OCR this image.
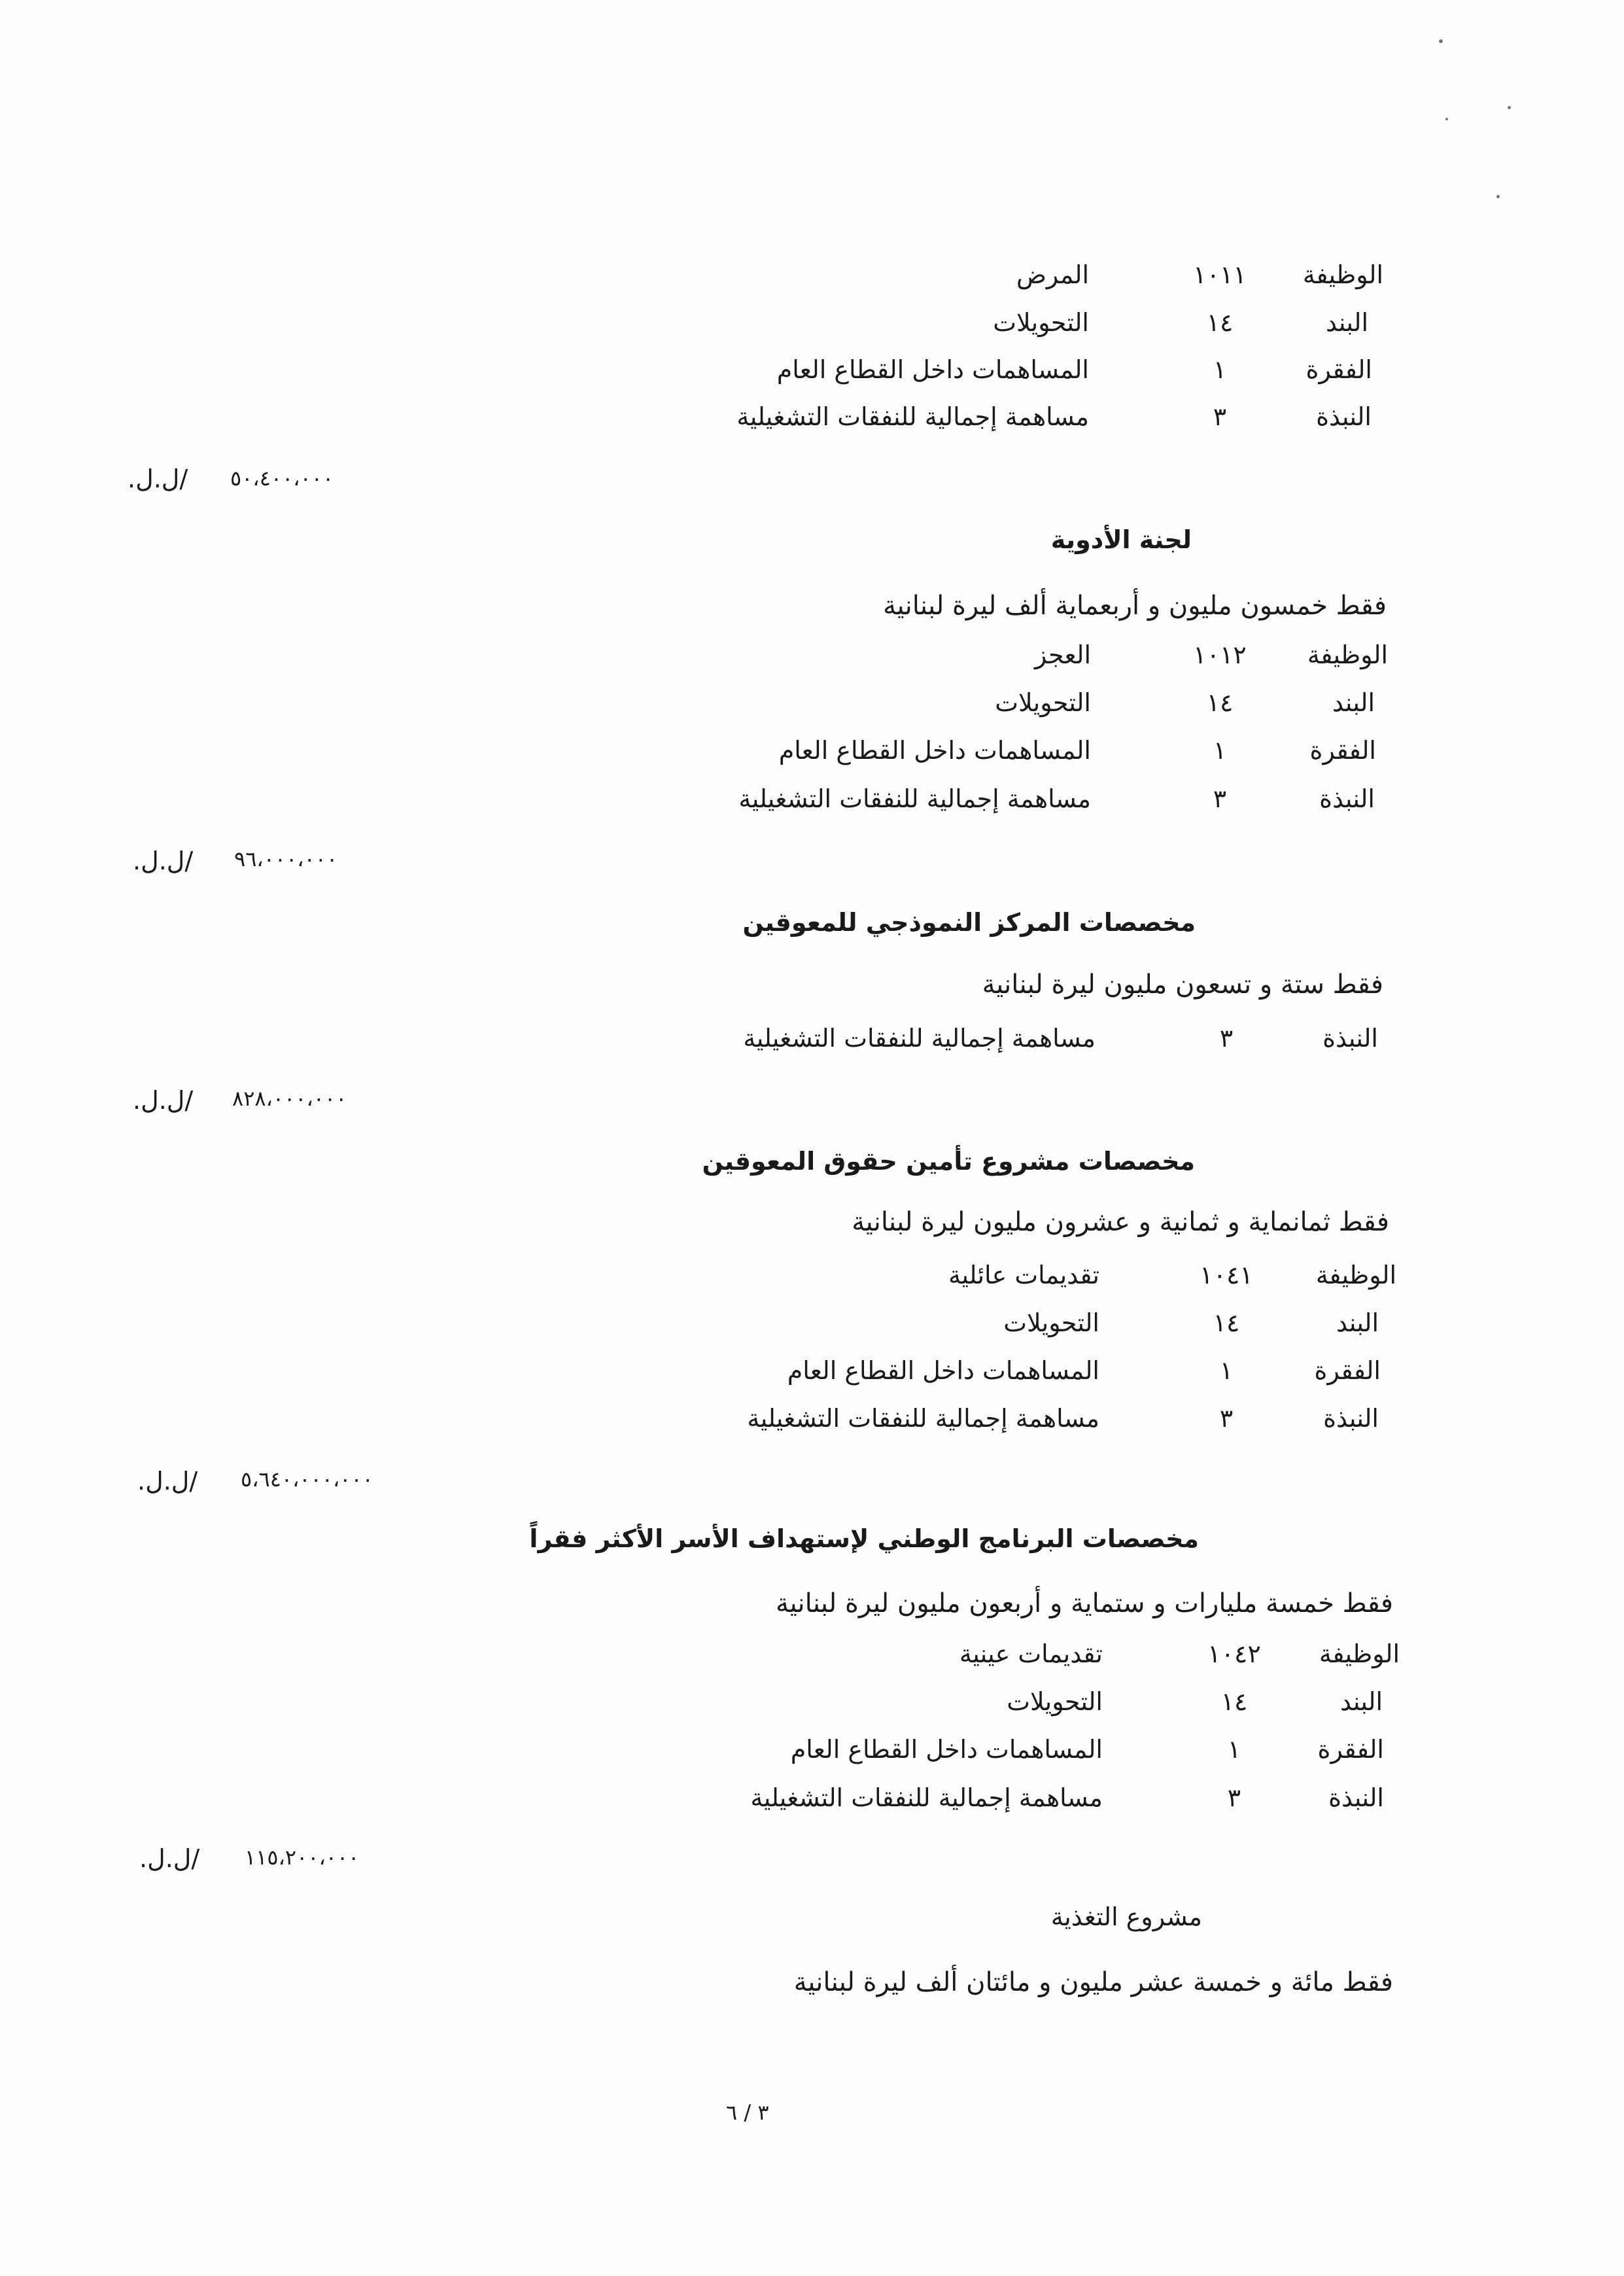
الوظيفة
١٠١١
المرض
البند
١٤
التحويلات
الفقرة
١
المساهمات داخل القطاع العام
النبذة
٣
مساهمة إجمالية للنفقات التشغيلية
٥٠،٤٠٠،٠٠٠
/ل.ل.
لجنة الأدوية
فقط خمسون مليون و أربعماية ألف ليرة لبنانية
الوظيفة
١٠١٢
العجز
البند
١٤
التحويلات
الفقرة
١
المساهمات داخل القطاع العام
النبذة
٣
مساهمة إجمالية للنفقات التشغيلية
٩٦،٠٠٠،٠٠٠
/ل.ل.
مخصصات المركز النموذجي للمعوقين
فقط ستة و تسعون مليون ليرة لبنانية
النبذة
٣
مساهمة إجمالية للنفقات التشغيلية
٨٢٨،٠٠٠،٠٠٠
/ل.ل.
مخصصات مشروع تأمين حقوق المعوقين
فقط ثمانماية و ثمانية و عشرون مليون ليرة لبنانية
الوظيفة
١٠٤١
تقديمات عائلية
البند
١٤
التحويلات
الفقرة
١
المساهمات داخل القطاع العام
النبذة
٣
مساهمة إجمالية للنفقات التشغيلية
٥،٦٤٠،٠٠٠،٠٠٠
/ل.ل.
مخصصات البرنامج الوطني لإستهداف الأسر الأكثر فقراً
فقط خمسة مليارات و ستماية و أربعون مليون ليرة لبنانية
الوظيفة
١٠٤٢
تقديمات عينية
البند
١٤
التحويلات
الفقرة
١
المساهمات داخل القطاع العام
النبذة
٣
مساهمة إجمالية للنفقات التشغيلية
١١٥،٢٠٠،٠٠٠
/ل.ل.
مشروع التغذية
فقط مائة و خمسة عشر مليون و مائتان ألف ليرة لبنانية
٣ / ٦
